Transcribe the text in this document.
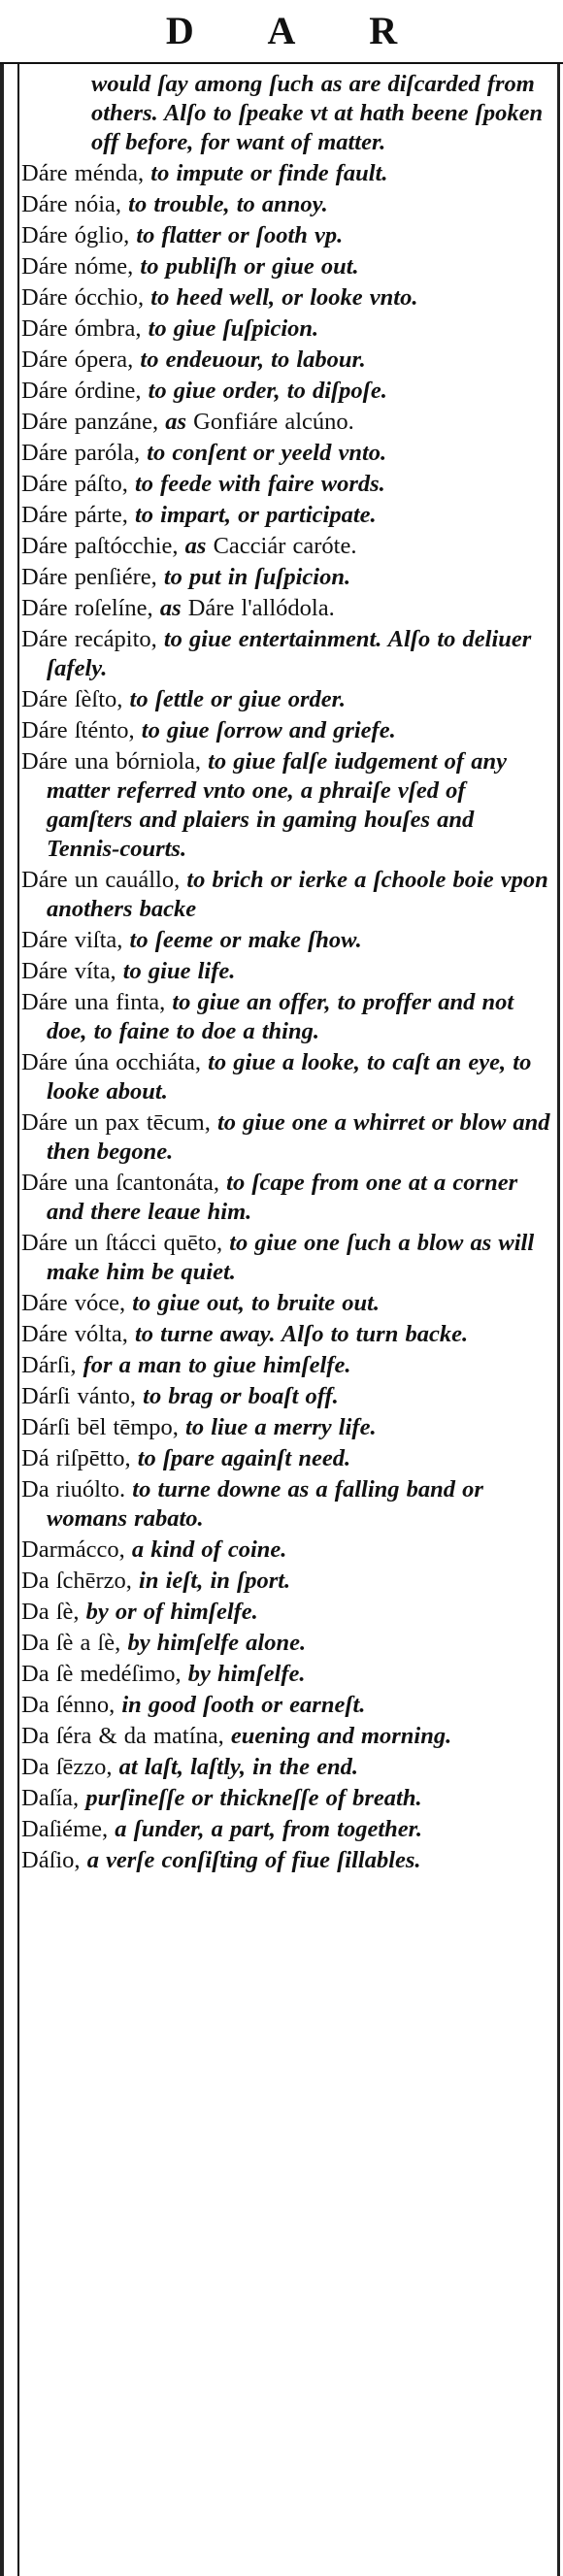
D A R

would ſay among ſuch as are diſcarded from others. Alſo to ſpeake vt at hath beene ſpoken off before, for want of matter.

Dáre ménda, to impute or finde fault.

Dáre nóia, to trouble, to annoy.

Dáre óglio, to flatter or ſooth vp.

Dáre nóme, to publiſh or giue out.

Dáre ócchio, to heed well, or looke vnto.

Dáre ómbra, to giue ſuſpicion.

Dáre ópera, to endeuour, to labour.

Dáre órdine, to giue order, to diſpoſe.

Dáre panzáne, as Gonfiáre alcúno.

Dáre paróla, to conſent or yeeld vnto.

Dáre páſto, to feede with faire words.

Dáre párte, to impart, or participate.

Dáre paſtócchie, as Cacciár caróte.

Dáre penſiére, to put in ſuſpicion.

Dáre roſelíne, as Dáre l'allódola.

Dáre recápito, to giue entertainment. Alſo to deliuer ſafely.

Dáre ſèſto, to ſettle or giue order.

Dáre ſténto, to giue ſorrow and griefe.

Dáre una bórniola, to giue falſe iudgement of any matter referred vnto one, a phraiſe vſed of gamſters and plaiers in gaming houſes and Tennis-courts.

Dáre un cauállo, to brich or ierke a ſchoole boie vpon anothers backe

Dáre viſta, to ſeeme or make ſhow.

Dáre víta, to giue life.

Dáre una finta, to giue an offer, to proffer and not doe, to faine to doe a thing.

Dáre úna occhiáta, to giue a looke, to caſt an eye, to looke about.

Dáre un pax tēcum, to giue one a whirret or blow and then begone.

Dáre una ſcantonáta, to ſcape from one at a corner and there leaue him.

Dáre un ſtácci quēto, to giue one ſuch a blow as will make him be quiet.

Dáre vóce, to giue out, to bruite out.

Dáre vólta, to turne away. Alſo to turn backe.

Dárſi, for a man to giue himſelfe.

Dárſi vánto, to brag or boaſt off.

Dárſi bēl tēmpo, to liue a merry life.

Dá riſpētto, to ſpare againſt need.

Da riuólto. to turne downe as a falling band or womans rabato.

Darmácco, a kind of coine.

Da ſchērzo, in ieſt, in ſport.

Da ſè, by or of himſelfe.

Da ſè a ſè, by himſelfe alone.

Da ſè medéſimo, by himſelfe.

Da ſénno, in good ſooth or earneſt.

Da ſéra & da matína, euening and morning.

Da ſēzzo, at laſt, laſtly, in the end.

Daſía, purſineſſe or thickneſſe of breath.

Daſiéme, a ſunder, a part, from together.

Dáſio, a verſe conſiſting of fiue ſillables.
